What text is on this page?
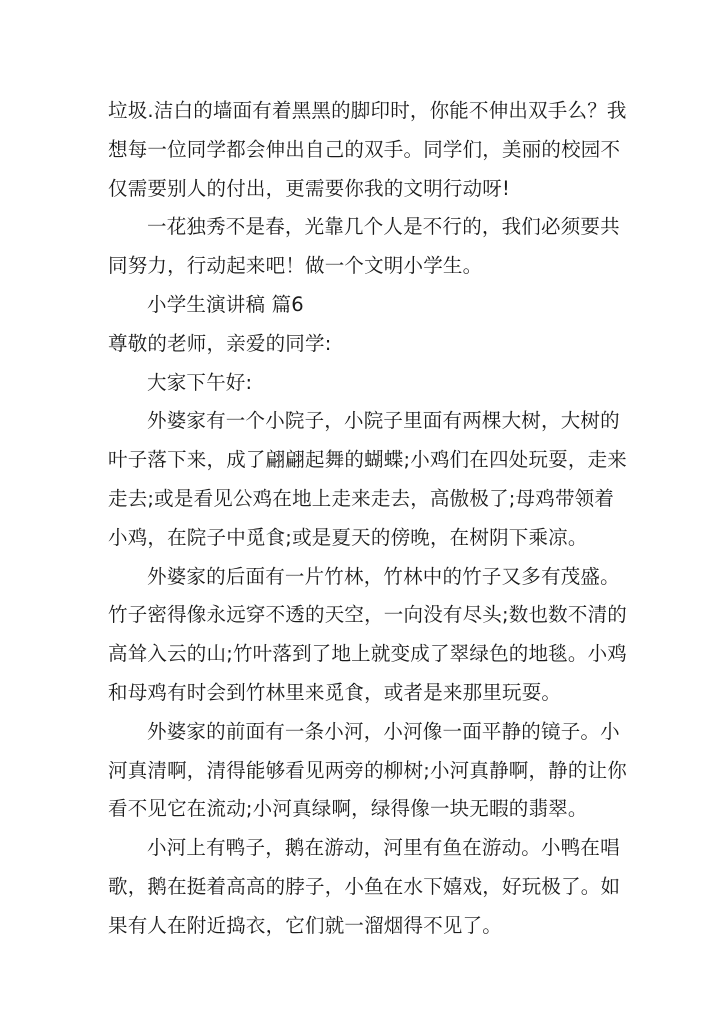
垃圾.洁白的墙面有着黑黑的脚印时，你能不伸出双手么？我
想每一位同学都会伸出自己的双手。同学们，美丽的校园不
仅需要别人的付出，更需要你我的文明行动呀!
一花独秀不是春，光靠几个人是不行的，我们必须要共
同努力，行动起来吧！做一个文明小学生。
小学生演讲稿 篇6
尊敬的老师，亲爱的同学:
大家下午好:
外婆家有一个小院子，小院子里面有两棵大树，大树的
叶子落下来，成了翩翩起舞的蝴蝶;小鸡们在四处玩耍，走来
走去;或是看见公鸡在地上走来走去，高傲极了;母鸡带领着
小鸡，在院子中觅食;或是夏天的傍晚，在树阴下乘凉。
外婆家的后面有一片竹林，竹林中的竹子又多有茂盛。
竹子密得像永远穿不透的天空，一向没有尽头;数也数不清的
高耸入云的山;竹叶落到了地上就变成了翠绿色的地毯。小鸡
和母鸡有时会到竹林里来觅食，或者是来那里玩耍。
外婆家的前面有一条小河，小河像一面平静的镜子。小
河真清啊，清得能够看见两旁的柳树;小河真静啊，静的让你
看不见它在流动;小河真绿啊，绿得像一块无暇的翡翠。
小河上有鸭子，鹅在游动，河里有鱼在游动。小鸭在唱
歌，鹅在挺着高高的脖子，小鱼在水下嬉戏，好玩极了。如
果有人在附近捣衣，它们就一溜烟得不见了。
